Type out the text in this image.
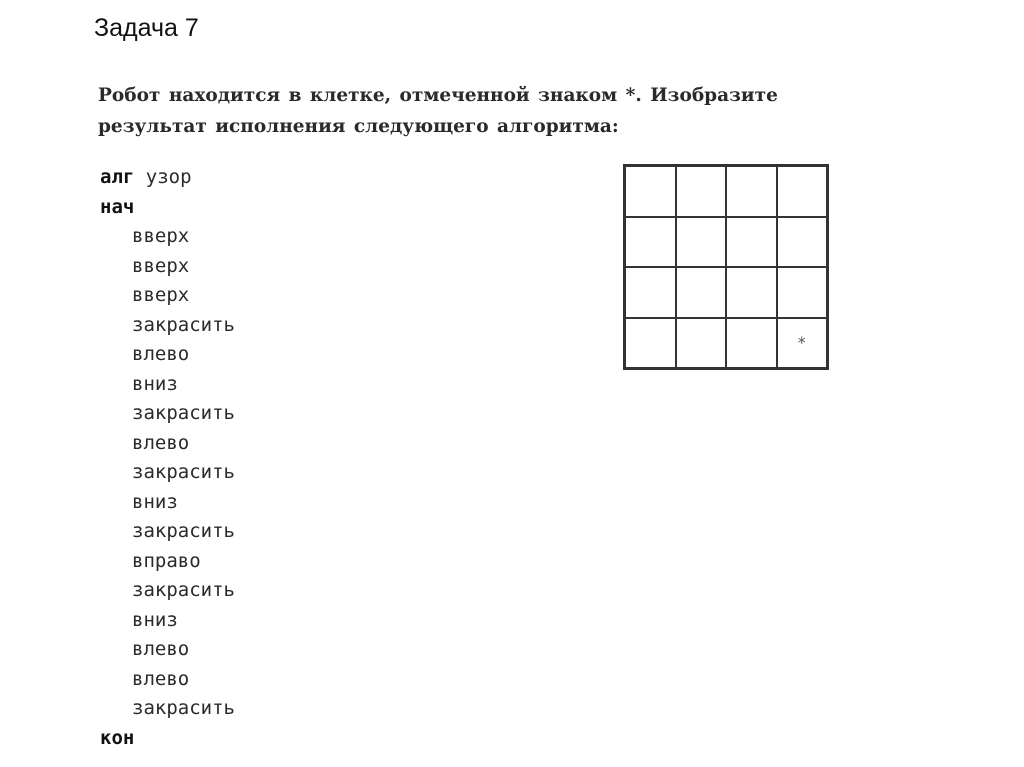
Задача 7
Робот находится в клетке, отмеченной знаком *. Изобразите
результат исполнения следующего алгоритма:
алг узор
нач
вверх
вверх
вверх
закрасить
влево
вниз
закрасить
влево
закрасить
вниз
закрасить
вправо
закрасить
вниз
влево
влево
закрасить
кон
*
